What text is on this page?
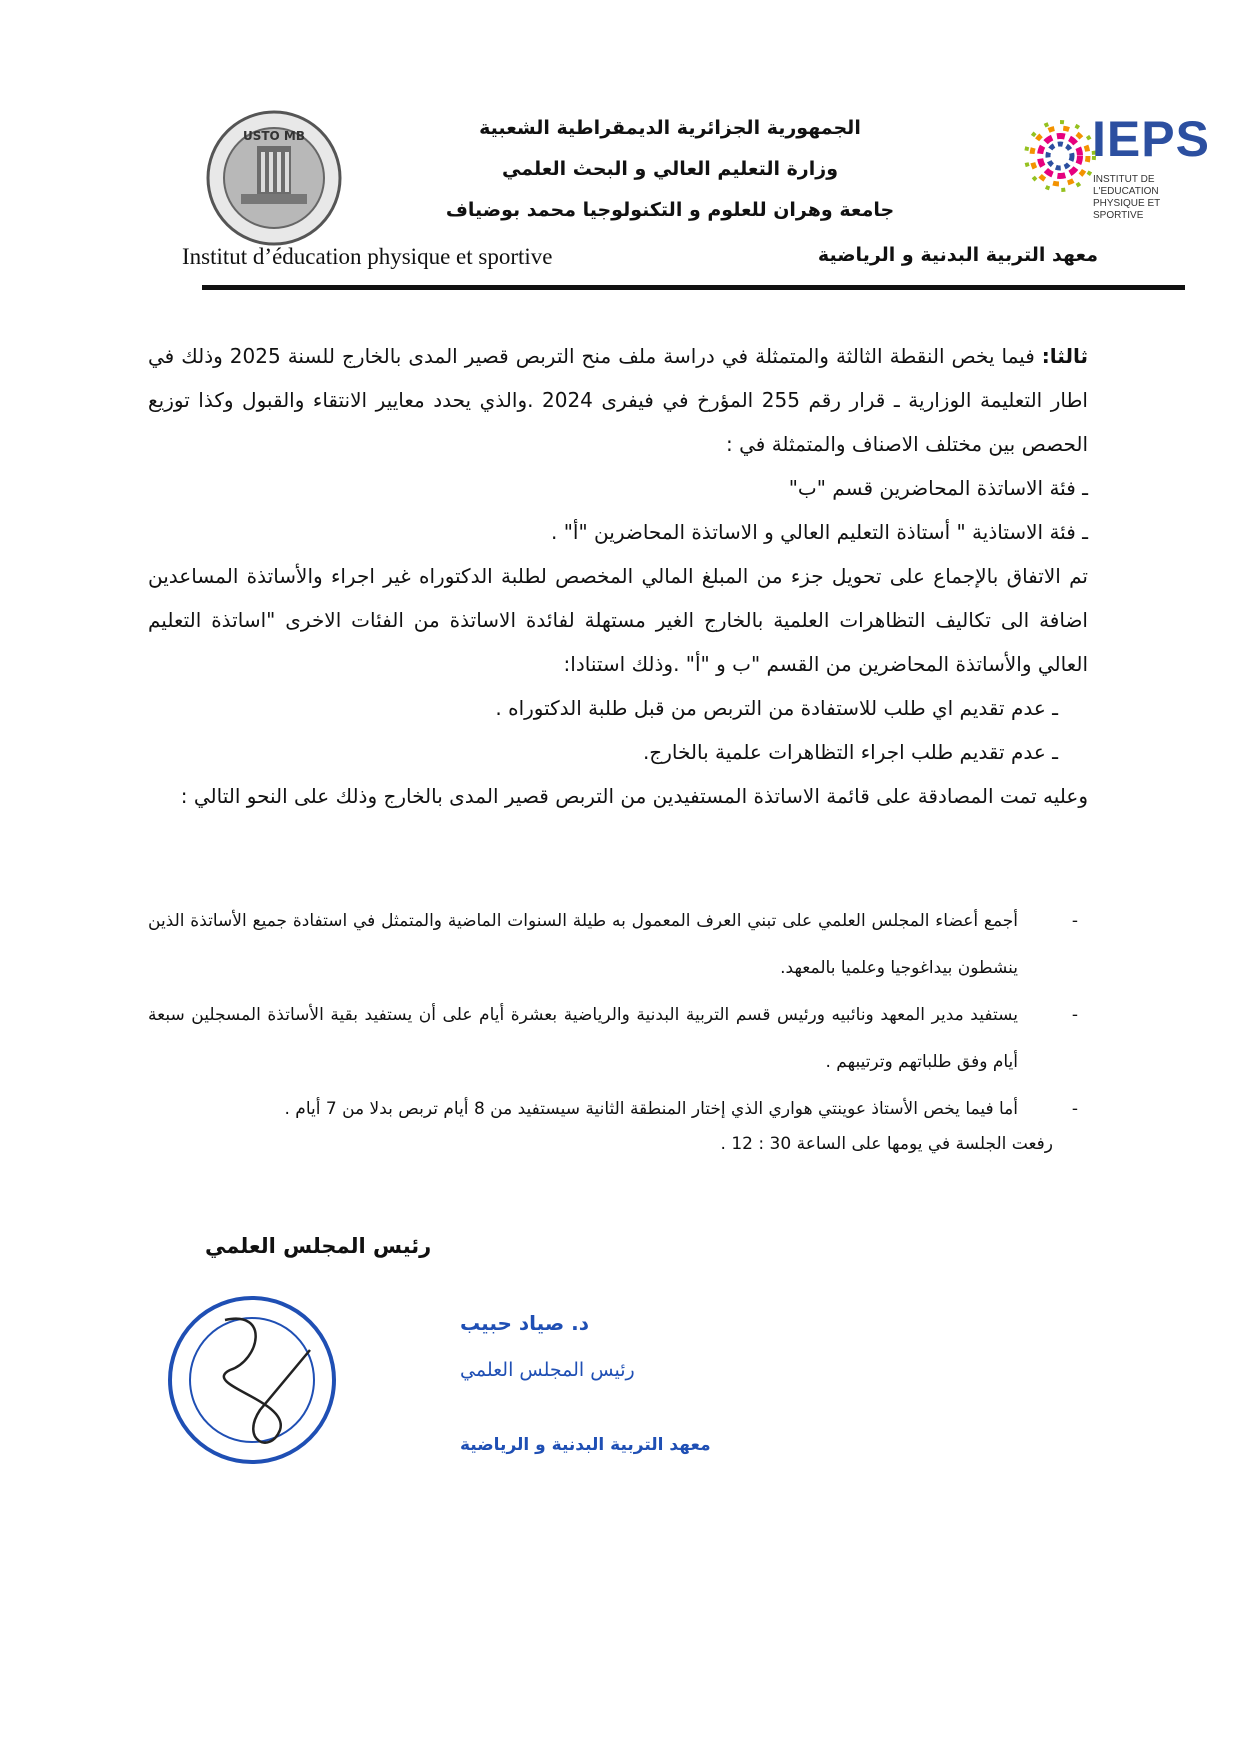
USTO MB	IEPS
INSTITUT DE L'EDUCATION
PHYSIQUE ET SPORTIVE
الجمهورية الجزائرية الديمقراطية الشعبية
وزارة التعليم العالي و البحث العلمي
جامعة وهران للعلوم و التكنولوجيا محمد بوضياف
Institut d’éducation physique et sportive	معهد التربية البدنية و الرياضية

ثالثا: فيما يخص النقطة الثالثة والمتمثلة في دراسة ملف منح التربص قصير المدى بالخارج للسنة 2025 وذلك في اطار التعليمة الوزارية ـ قرار رقم 255 المؤرخ في فيفرى 2024 .والذي يحدد معايير الانتقاء والقبول وكذا توزيع الحصص بين مختلف الاصناف والمتمثلة في :

ـ فئة الاساتذة المحاضرين قسم "ب"

ـ فئة الاستاذية " أستاذة التعليم العالي و الاساتذة المحاضرين "أ" .

تم الاتفاق بالإجماع على تحويل جزء من المبلغ المالي المخصص لطلبة الدكتوراه غير اجراء والأساتذة المساعدين اضافة الى تكاليف التظاهرات العلمية بالخارج الغير مستهلة لفائدة الاساتذة من الفئات الاخرى "اساتذة التعليم العالي والأساتذة المحاضرين من القسم "ب و "أ" .وذلك استنادا:

ـ عدم تقديم اي طلب للاستفادة من التربص من قبل طلبة الدكتوراه .

ـ عدم تقديم طلب اجراء التظاهرات علمية بالخارج.

وعليه تمت المصادقة على قائمة الاساتذة المستفيدين من التربص قصير المدى بالخارج وذلك على النحو التالي :

-
أجمع أعضاء المجلس العلمي على تبني العرف المعمول به طيلة السنوات الماضية والمتمثل في استفادة جميع الأساتذة الذين ينشطون بيداغوجيا وعلميا بالمعهد.
-
يستفيد مدير المعهد ونائبيه ورئيس قسم التربية البدنية والرياضية بعشرة أيام على أن يستفيد بقية الأساتذة المسجلين سبعة أيام وفق طلباتهم وترتيبهم .
-
أما فيما يخص الأستاذ عوينتي هواري الذي إختار المنطقة الثانية سيستفيد من 8 أيام تربص بدلا من 7 أيام .
رفعت الجلسة في يومها على الساعة 30 : 12 .
رئيس المجلس العلمي
د. صياد حبيب
رئيس المجلس العلمي
معهد التربية البدنية و الرياضية
